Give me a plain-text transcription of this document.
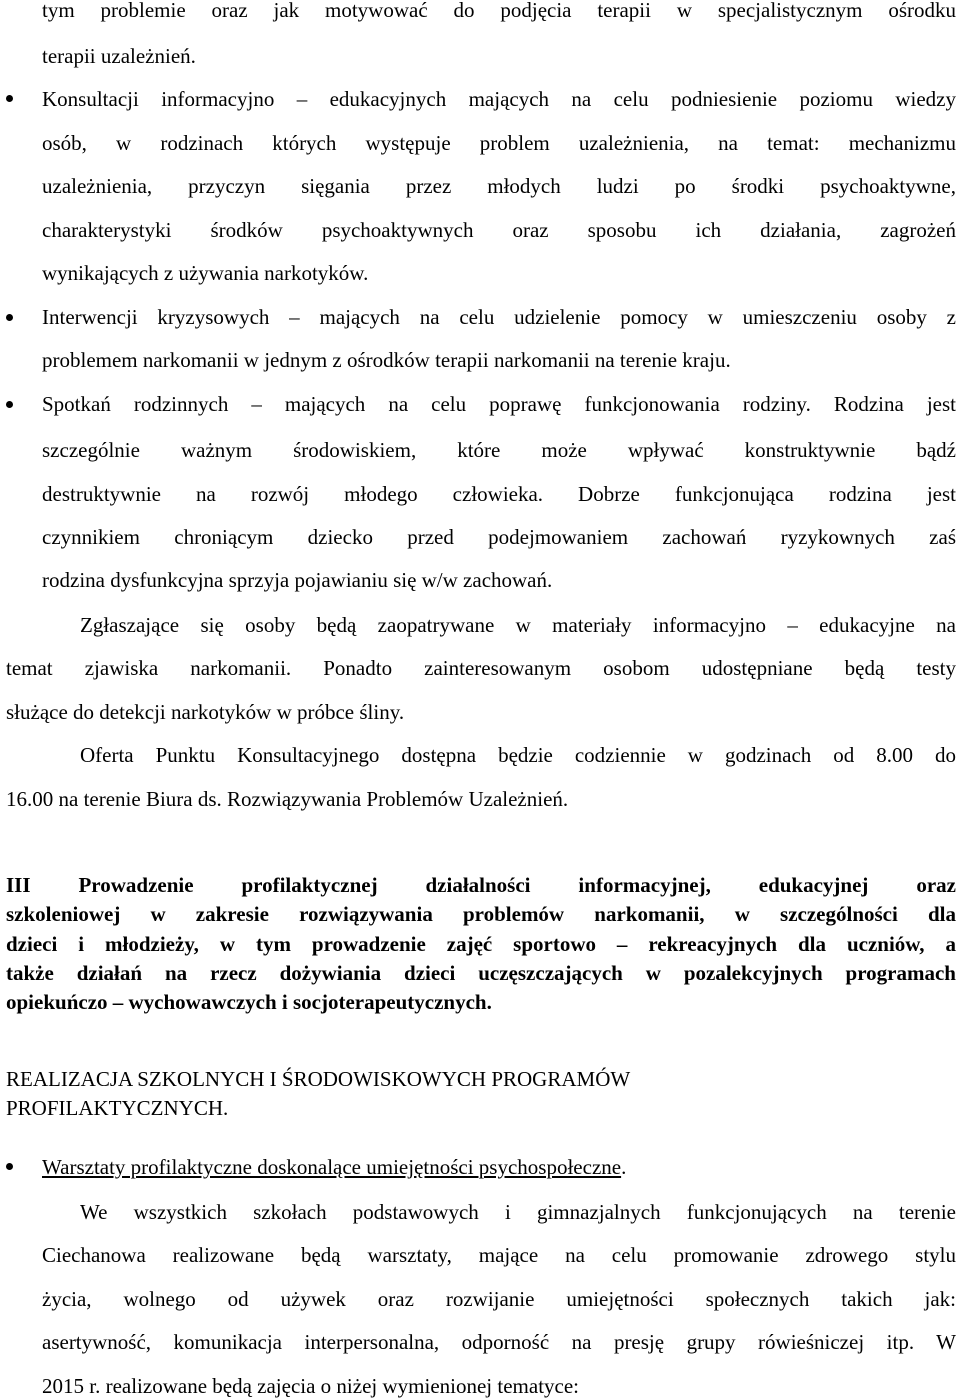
tym problemie oraz jak motywować do podjęcia terapii w specjalistycznym ośrodku
terapii uzależnień.
Konsultacji informacyjno – edukacyjnych mających na celu podniesienie poziomu wiedzy
osób, w rodzinach których występuje problem uzależnienia, na temat: mechanizmu
uzależnienia, przyczyn sięgania przez młodych ludzi po środki psychoaktywne,
charakterystyki środków psychoaktywnych oraz sposobu ich działania, zagrożeń
wynikających z używania narkotyków.
Interwencji kryzysowych – mających na celu udzielenie pomocy w umieszczeniu osoby z
problemem narkomanii w jednym z ośrodków terapii narkomanii na terenie kraju.
Spotkań rodzinnych – mających na celu poprawę funkcjonowania rodziny. Rodzina jest
szczególnie ważnym środowiskiem, które może wpływać konstruktywnie bądź
destruktywnie na rozwój młodego człowieka. Dobrze funkcjonująca rodzina jest
czynnikiem chroniącym dziecko przed podejmowaniem zachowań ryzykownych zaś
rodzina dysfunkcyjna sprzyja pojawianiu się w/w zachowań.
Zgłaszające się osoby będą zaopatrywane w materiały informacyjno – edukacyjne na
temat zjawiska narkomanii. Ponadto zainteresowanym osobom udostępniane będą testy
służące do detekcji narkotyków w próbce śliny.
Oferta Punktu Konsultacyjnego dostępna będzie codziennie w godzinach od 8.00 do
16.00 na terenie Biura ds. Rozwiązywania Problemów Uzależnień.
III Prowadzenie profilaktycznej działalności informacyjnej, edukacyjnej oraz
szkoleniowej w zakresie rozwiązywania problemów narkomanii, w szczególności dla
dzieci i młodzieży, w tym prowadzenie zajęć sportowo – rekreacyjnych dla uczniów, a
także działań na rzecz dożywiania dzieci uczęszczających w pozalekcyjnych programach
opiekuńczo – wychowawczych i socjoterapeutycznych.
REALIZACJA SZKOLNYCH I ŚRODOWISKOWYCH PROGRAMÓW
PROFILAKTYCZNYCH.
Warsztaty profilaktyczne doskonalące umiejętności psychospołeczne.
We wszystkich szkołach podstawowych i gimnazjalnych funkcjonujących na terenie
Ciechanowa realizowane będą warsztaty, mające na celu promowanie zdrowego stylu
życia, wolnego od używek oraz rozwijanie umiejętności społecznych takich jak:
asertywność, komunikacja interpersonalna, odporność na presję grupy rówieśniczej itp. W
2015 r. realizowane będą zajęcia o niżej wymienionej tematyce:
